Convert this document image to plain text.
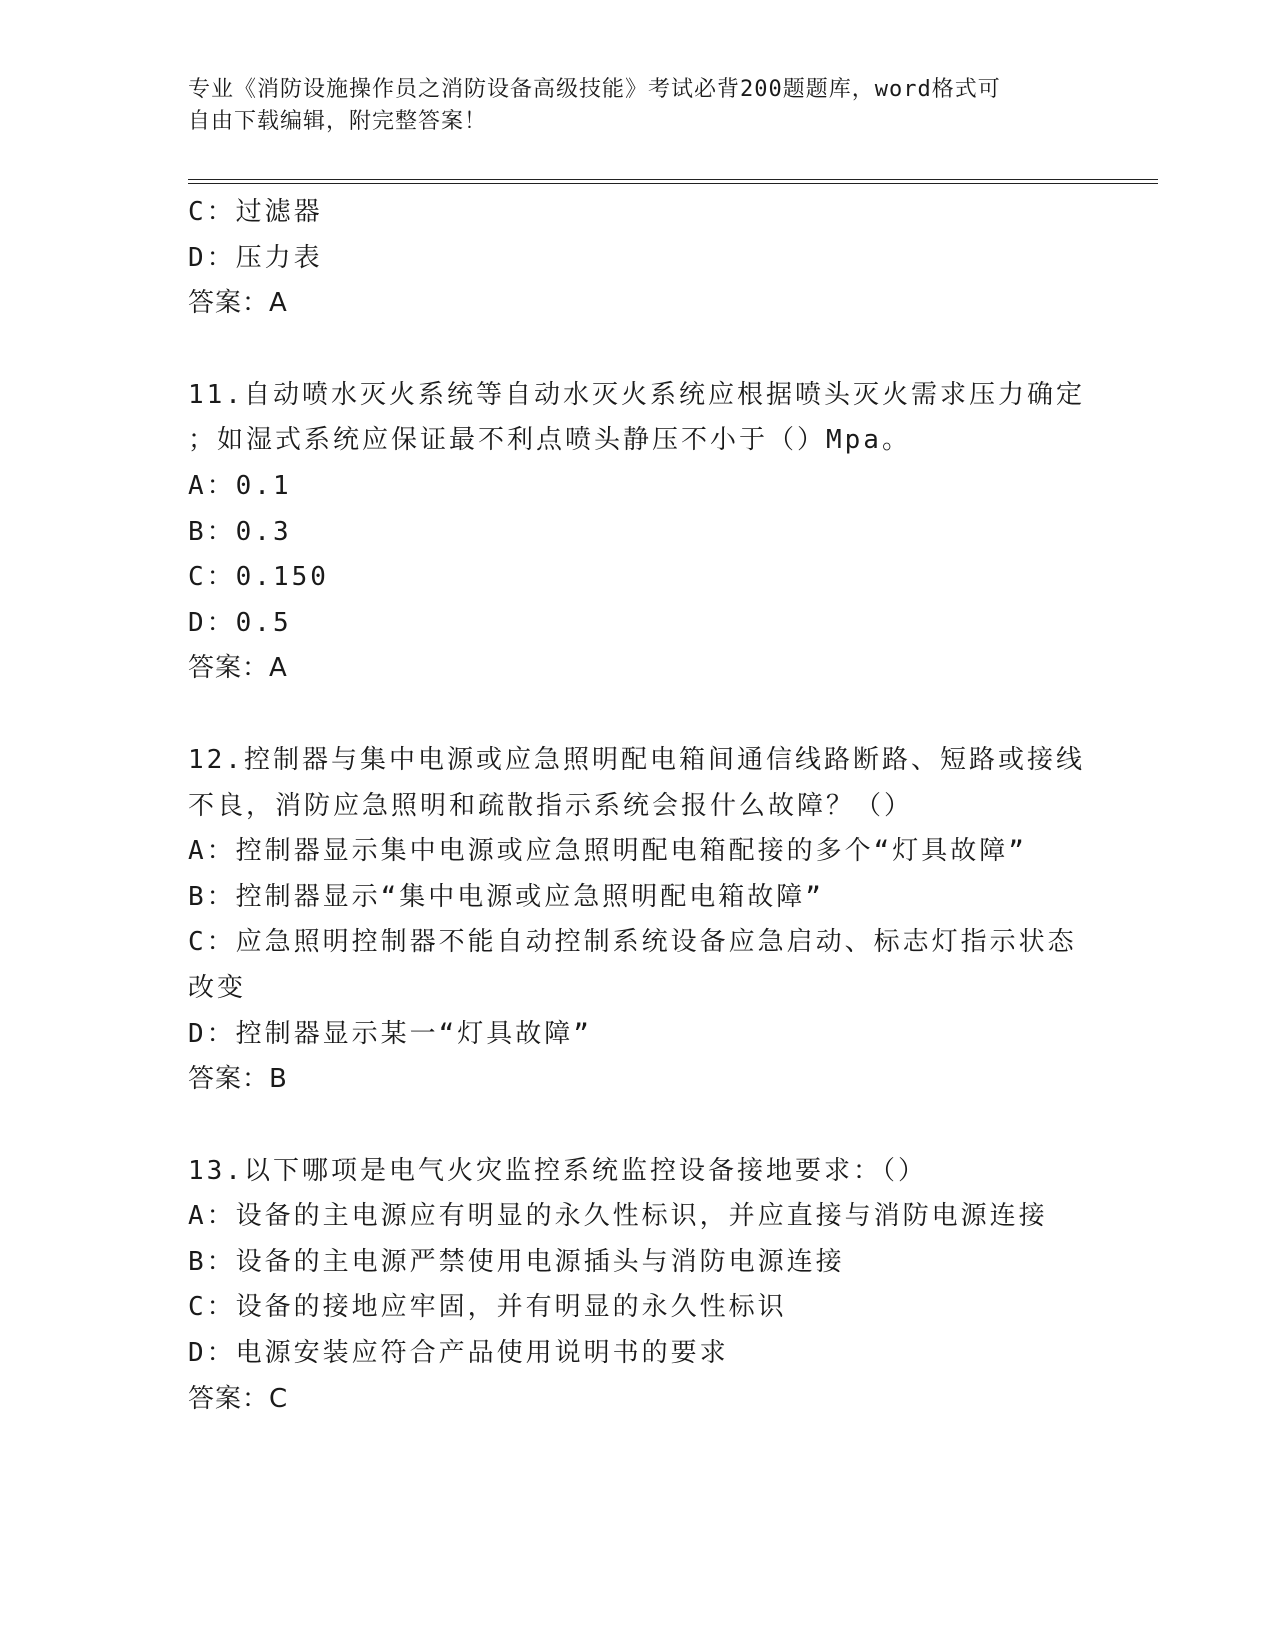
专业《消防设施操作员之消防设备高级技能》考试必背200题题库，word格式可
自由下载编辑，附完整答案！
C：过滤器
D：压力表
答案：A
11.自动喷水灭火系统等自动水灭火系统应根据喷头灭火需求压力确定
；如湿式系统应保证最不利点喷头静压不小于（）Mpa。
A：0.1
B：0.3
C：0.150
D：0.5
答案：A
12.控制器与集中电源或应急照明配电箱间通信线路断路、短路或接线
不良，消防应急照明和疏散指示系统会报什么故障？（）
A：控制器显示集中电源或应急照明配电箱配接的多个“灯具故障”
B：控制器显示“集中电源或应急照明配电箱故障”
C：应急照明控制器不能自动控制系统设备应急启动、标志灯指示状态
改变
D：控制器显示某一“灯具故障”
答案：B
13.以下哪项是电气火灾监控系统监控设备接地要求：（）
A：设备的主电源应有明显的永久性标识，并应直接与消防电源连接
B：设备的主电源严禁使用电源插头与消防电源连接
C：设备的接地应牢固，并有明显的永久性标识
D：电源安装应符合产品使用说明书的要求
答案：C
